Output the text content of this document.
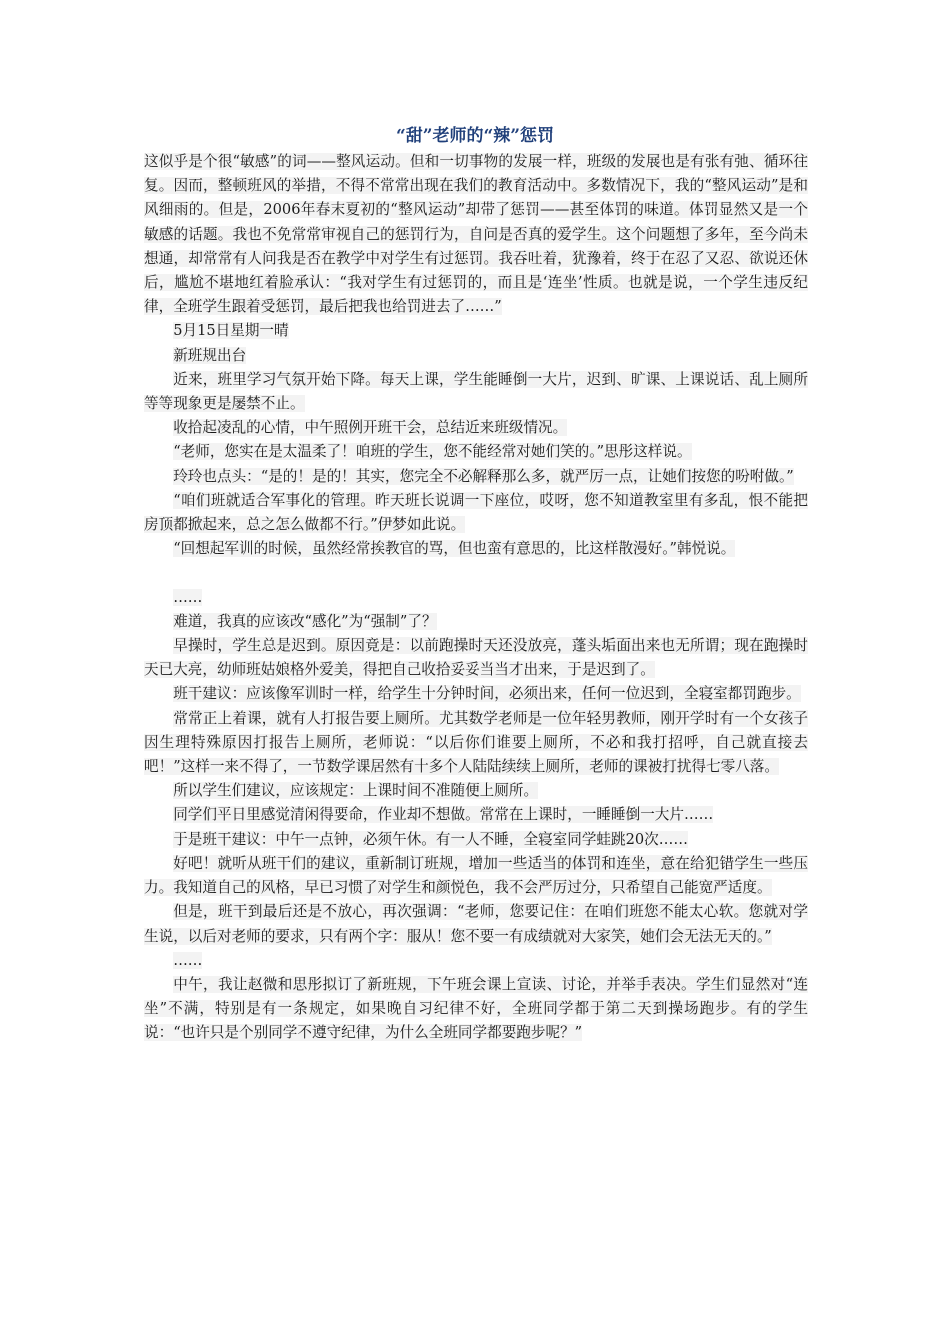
“甜”老师的“辣”惩罚

这似乎是个很“敏感”的词——整风运动。但和一切事物的发展一样，班级的发展也是有张有弛、循环往复。因而，整顿班风的举措，不得不常常出现在我们的教育活动中。多数情况下，我的“整风运动”是和风细雨的。但是，2006年春末夏初的“整风运动”却带了惩罚——甚至体罚的味道。体罚显然又是一个敏感的话题。我也不免常常审视自己的惩罚行为，自问是否真的爱学生。这个问题想了多年，至今尚未想通，却常常有人问我是否在教学中对学生有过惩罚。我吞吐着，犹豫着，终于在忍了又忍、欲说还休后，尴尬不堪地红着脸承认：“我对学生有过惩罚的，而且是‘连坐’性质。也就是说，一个学生违反纪律，全班学生跟着受惩罚，最后把我也给罚进去了……”

5月15日星期一晴

新班规出台

近来，班里学习气氛开始下降。每天上课，学生能睡倒一大片，迟到、旷课、上课说话、乱上厕所等等现象更是屡禁不止。

收拾起凌乱的心情，中午照例开班干会，总结近来班级情况。

“老师，您实在是太温柔了！咱班的学生，您不能经常对她们笑的。”思彤这样说。

玲玲也点头：“是的！是的！其实，您完全不必解释那么多，就严厉一点，让她们按您的吩咐做。”

“咱们班就适合军事化的管理。昨天班长说调一下座位，哎呀，您不知道教室里有多乱，恨不能把房顶都掀起来，总之怎么做都不行。”伊梦如此说。

“回想起军训的时候，虽然经常挨教官的骂，但也蛮有意思的，比这样散漫好。”韩悦说。

……

难道，我真的应该改“感化”为“强制”了？

早操时，学生总是迟到。原因竟是：以前跑操时天还没放亮，蓬头垢面出来也无所谓；现在跑操时天已大亮，幼师班姑娘格外爱美，得把自己收拾妥妥当当才出来，于是迟到了。

班干建议：应该像军训时一样，给学生十分钟时间，必须出来，任何一位迟到，全寝室都罚跑步。

常常正上着课，就有人打报告要上厕所。尤其数学老师是一位年轻男教师，刚开学时有一个女孩子因生理特殊原因打报告上厕所，老师说：“以后你们谁要上厕所，不必和我打招呼，自己就直接去吧！”这样一来不得了，一节数学课居然有十多个人陆陆续续上厕所，老师的课被打扰得七零八落。

所以学生们建议，应该规定：上课时间不准随便上厕所。

同学们平日里感觉清闲得要命，作业却不想做。常常在上课时，一睡睡倒一大片……

于是班干建议：中午一点钟，必须午休。有一人不睡，全寝室同学蛙跳20次……

好吧！就听从班干们的建议，重新制订班规，增加一些适当的体罚和连坐，意在给犯错学生一些压力。我知道自己的风格，早已习惯了对学生和颜悦色，我不会严厉过分，只希望自己能宽严适度。

但是，班干到最后还是不放心，再次强调：“老师，您要记住：在咱们班您不能太心软。您就对学生说，以后对老师的要求，只有两个字：服从！您不要一有成绩就对大家笑，她们会无法无天的。”

……

中午，我让赵微和思彤拟订了新班规，下午班会课上宣读、讨论，并举手表决。学生们显然对“连坐”不满，特别是有一条规定，如果晚自习纪律不好，全班同学都于第二天到操场跑步。有的学生说：“也许只是个别同学不遵守纪律，为什么全班同学都要跑步呢？”
